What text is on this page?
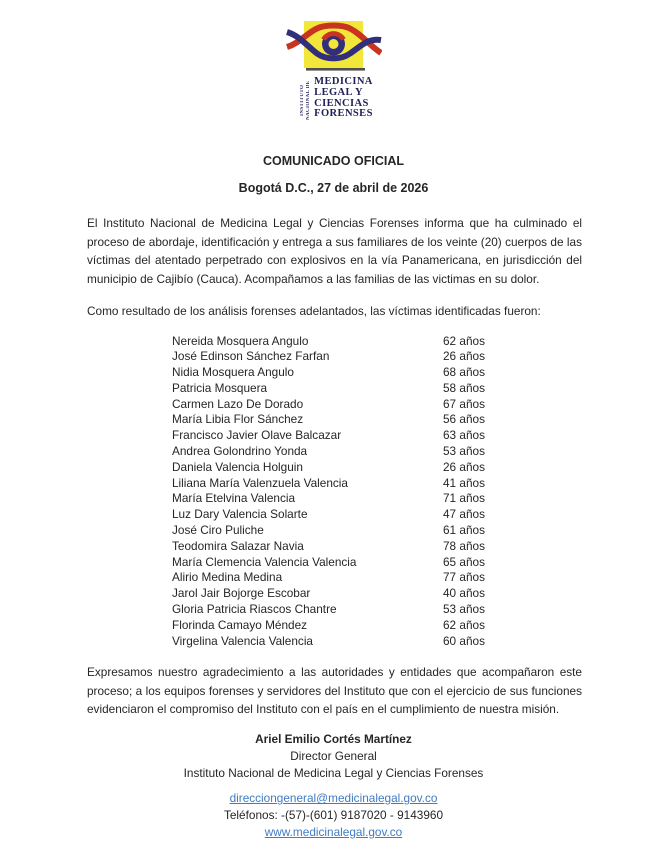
INSTITUTO NACIONAL DE MEDICINA
LEGAL Y
CIENCIAS
FORENSES
COMUNICADO OFICIAL
Bogotá D.C., 27 de abril de 2026

El Instituto Nacional de Medicina Legal y Ciencias Forenses informa que ha culminado el proceso de abordaje, identificación y entrega a sus familiares de los veinte (20) cuerpos de las víctimas del atentado perpetrado con explosivos en la vía Panamericana, en jurisdicción del municipio de Cajibío (Cauca). Acompañamos a las familias de las victimas en su dolor.

Como resultado de los análisis forenses adelantados, las víctimas identificadas fueron:

Nereida Mosquera Angulo	62 años
José Edinson Sánchez Farfan	26 años
Nidia Mosquera Angulo	68 años
Patricia Mosquera	58 años
Carmen Lazo De Dorado	67 años
María Libia Flor Sánchez	56 años
Francisco Javier Olave Balcazar	63 años
Andrea Golondrino Yonda	53 años
Daniela Valencia Holguin	26 años
Liliana María Valenzuela Valencia	41 años
María Etelvina Valencia	71 años
Luz Dary Valencia Solarte	47 años
José Ciro Puliche	61 años
Teodomira Salazar Navia	78 años
María Clemencia Valencia Valencia	65 años
Alirio Medina Medina	77 años
Jarol Jair Bojorge Escobar	40 años
Gloria Patricia Riascos Chantre	53 años
Florinda Camayo Méndez	62 años
Virgelina Valencia Valencia	60 años

Expresamos nuestro agradecimiento a las autoridades y entidades que acompañaron este proceso; a los equipos forenses y servidores del Instituto que con el ejercicio de sus funciones evidenciaron el compromiso del Instituto con el país en el cumplimiento de nuestra misión.

Ariel Emilio Cortés Martínez
Director General
Instituto Nacional de Medicina Legal y Ciencias Forenses
direcciongeneral@medicinalegal.gov.co
Teléfonos: -(57)-(601) 9187020 - 9143960
www.medicinalegal.gov.co
